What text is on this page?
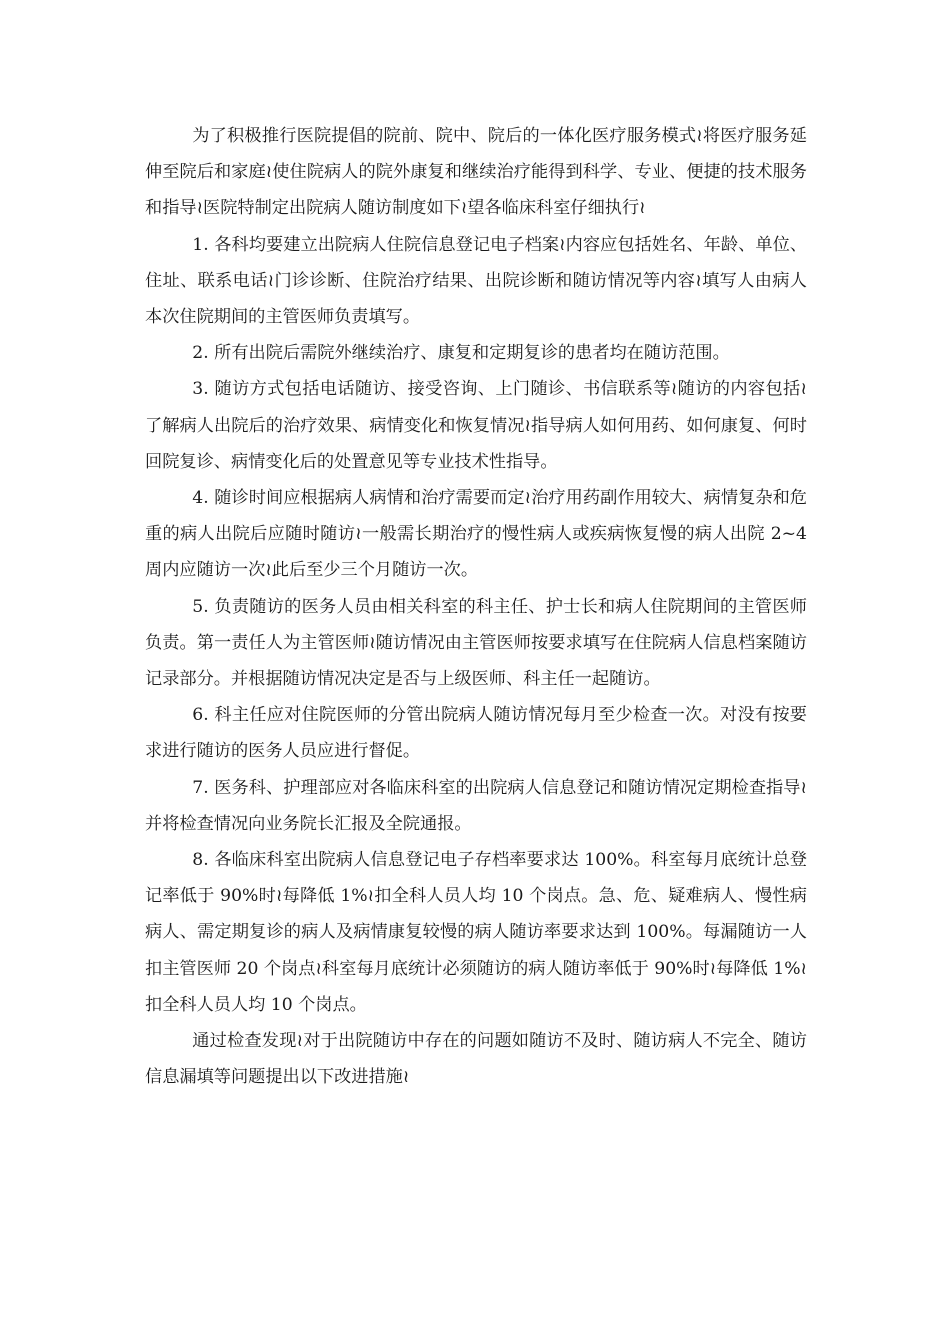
为了积极推行医院提倡的院前、院中、院后的一体化医疗服务模式≀将医疗服务延伸至院后和家庭≀使住院病人的院外康复和继续治疗能得到科学、专业、便捷的技术服务和指导≀医院特制定出院病人随访制度如下≀望各临床科室仔细执行≀

1. 各科均要建立出院病人住院信息登记电子档案≀内容应包括姓名、年龄、单位、住址、联系电话≀门诊诊断、住院治疗结果、出院诊断和随访情况等内容≀填写人由病人本次住院期间的主管医师负责填写。

2. 所有出院后需院外继续治疗、康复和定期复诊的患者均在随访范围。

3. 随访方式包括电话随访、接受咨询、上门随诊、书信联系等≀随访的内容包括≀了解病人出院后的治疗效果、病情变化和恢复情况≀指导病人如何用药、如何康复、何时回院复诊、病情变化后的处置意见等专业技术性指导。

4. 随诊时间应根据病人病情和治疗需要而定≀治疗用药副作用较大、病情复杂和危重的病人出院后应随时随访≀一般需长期治疗的慢性病人或疾病恢复慢的病人出院 2~4 周内应随访一次≀此后至少三个月随访一次。

5. 负责随访的医务人员由相关科室的科主任、护士长和病人住院期间的主管医师负责。第一责任人为主管医师≀随访情况由主管医师按要求填写在住院病人信息档案随访记录部分。并根据随访情况决定是否与上级医师、科主任一起随访。

6. 科主任应对住院医师的分管出院病人随访情况每月至少检查一次。对没有按要求进行随访的医务人员应进行督促。

7. 医务科、护理部应对各临床科室的出院病人信息登记和随访情况定期检查指导≀并将检查情况向业务院长汇报及全院通报。

8. 各临床科室出院病人信息登记电子存档率要求达 100%。科室每月底统计总登记率低于 90%时≀每降低 1%≀扣全科人员人均 10 个岗点。急、危、疑难病人、慢性病病人、需定期复诊的病人及病情康复较慢的病人随访率要求达到 100%。每漏随访一人扣主管医师 20 个岗点≀科室每月底统计必须随访的病人随访率低于 90%时≀每降低 1%≀扣全科人员人均 10 个岗点。

通过检查发现≀对于出院随访中存在的问题如随访不及时、随访病人不完全、随访信息漏填等问题提出以下改进措施≀
